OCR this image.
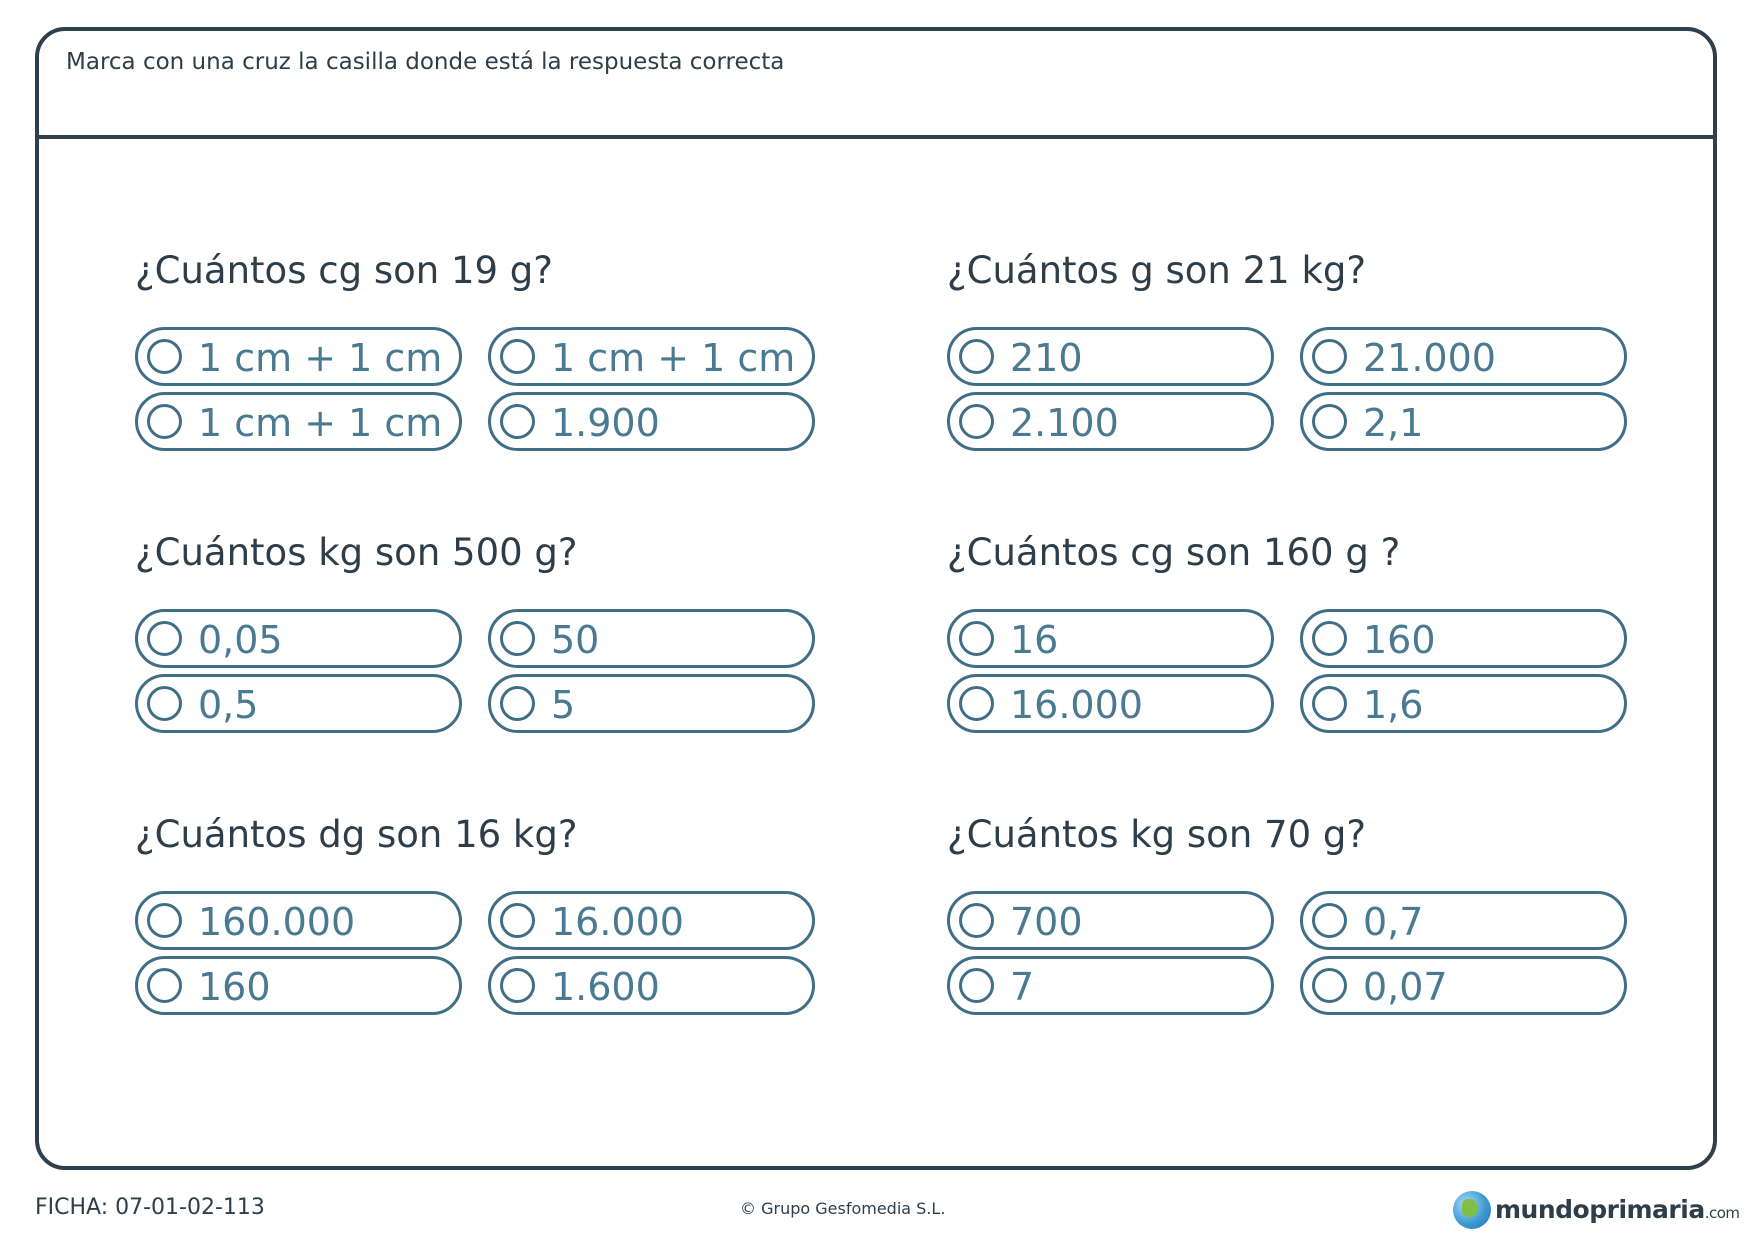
Marca con una cruz la casilla donde está la respuesta correcta
¿Cuántos cg son 19 g?
1 cm + 1 cm	1 cm + 1 cm
1 cm + 1 cm	1.900
¿Cuántos g son 21 kg?
210	21.000
2.100	2,1
¿Cuántos kg son 500 g?
0,05	50
0,5	5
¿Cuántos cg son 160 g ?
16	160
16.000	1,6
¿Cuántos dg son 16 kg?
160.000	16.000
160	1.600
¿Cuántos kg son 70 g?
700	0,7
7	0,07
FICHA: 07-01-02-113	© Grupo Gesfomedia S.L.	mundoprimaria.com
